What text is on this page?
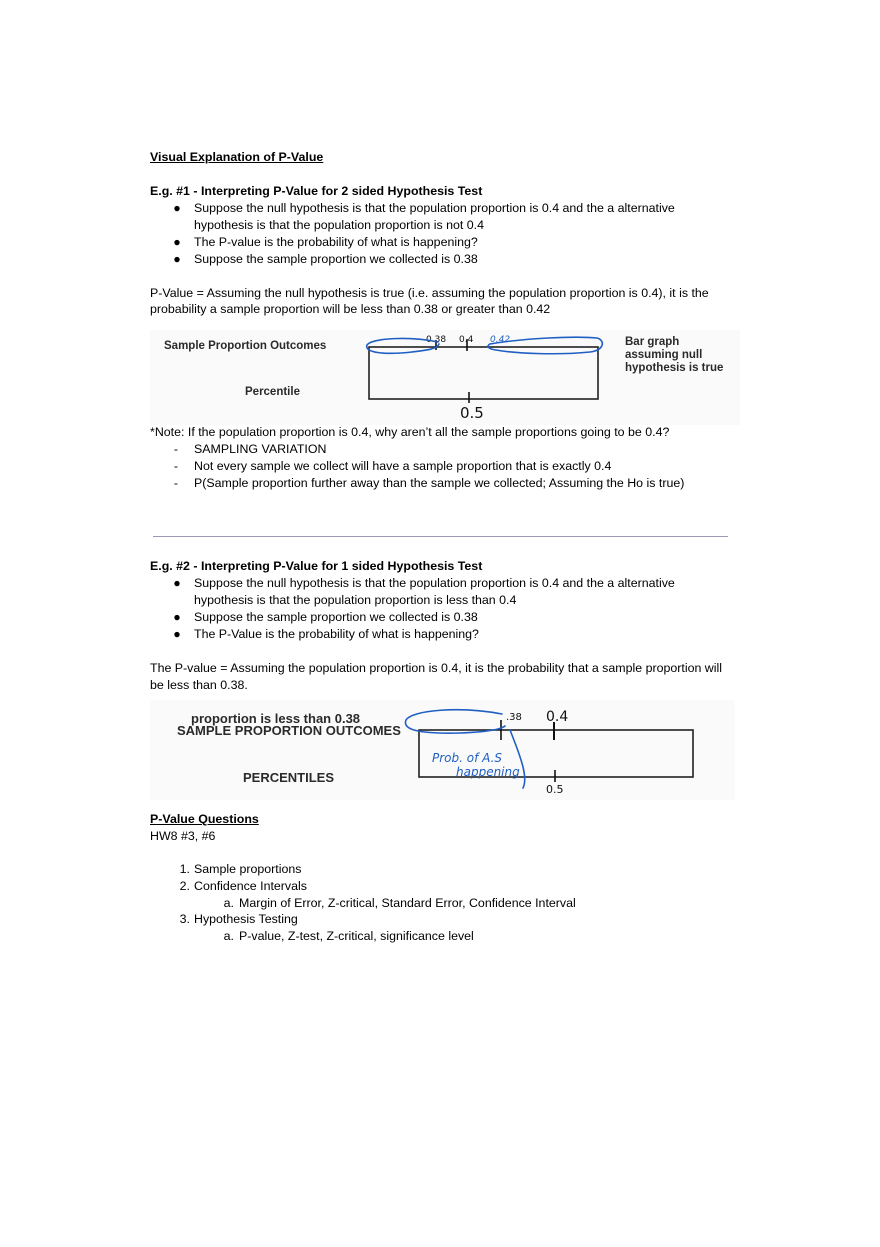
Visual Explanation of P-Value
E.g. #1 - Interpreting P-Value for 2 sided Hypothesis Test
● Suppose the null hypothesis is that the population proportion is 0.4 and the a alternative
hypothesis is that the population proportion is not 0.4
● The P-value is the probability of what is happening?
● Suppose the sample proportion we collected is 0.38
P-Value = Assuming the null hypothesis is true (i.e. assuming the population proportion is 0.4), it is the
probability a sample proportion will be less than 0.38 or greater than 0.42
Sample Proportion Outcomes
Percentile
Bar graph
assuming null
hypothesis is true
0.38 0.4 0.42
0.5
*Note: If the population proportion is 0.4, why aren’t all the sample proportions going to be 0.4?
- SAMPLING VARIATION
- Not every sample we collect will have a sample proportion that is exactly 0.4
- P(Sample proportion further away than the sample we collected; Assuming the Ho is true)
E.g. #2 - Interpreting P-Value for 1 sided Hypothesis Test
● Suppose the null hypothesis is that the population proportion is 0.4 and the a alternative
hypothesis is that the population proportion is less than 0.4
● Suppose the sample proportion we collected is 0.38
● The P-Value is the probability of what is happening?
The P-value = Assuming the population proportion is 0.4, it is the probability that a sample proportion will
be less than 0.38.
proportion is less than 0.38
SAMPLE PROPORTION OUTCOMES
PERCENTILES
.38 0.4
0.5
Prob. of A.S
happening
P-Value Questions
HW8 #3, #6
1. Sample proportions
2. Confidence Intervals
a. Margin of Error, Z-critical, Standard Error, Confidence Interval
3. Hypothesis Testing
a. P-value, Z-test, Z-critical, significance level
